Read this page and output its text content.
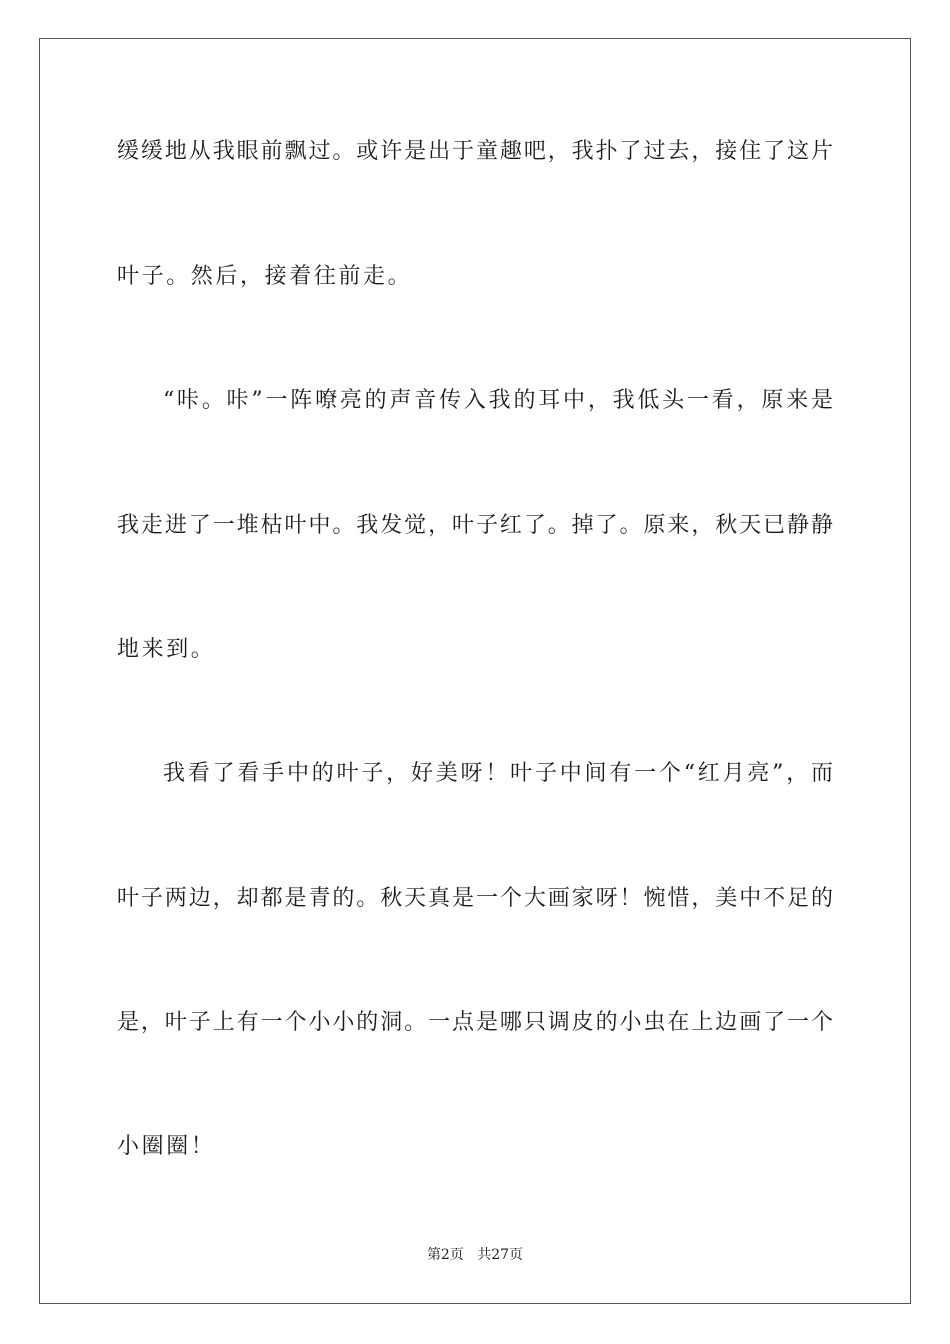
缓缓地从我眼前飘过。或许是出于童趣吧，我扑了过去，接住了这片
叶子。然后，接着往前走。
“咔。咔”一阵嘹亮的声音传入我的耳中，我低头一看，原来是
我走进了一堆枯叶中。我发觉，叶子红了。掉了。原来，秋天已静静
地来到。
我看了看手中的叶子，好美呀！叶子中间有一个“红月亮”，而
叶子两边，却都是青的。秋天真是一个大画家呀！惋惜，美中不足的
是，叶子上有一个小小的洞。一点是哪只调皮的小虫在上边画了一个
小圈圈！
第2页 共27页
